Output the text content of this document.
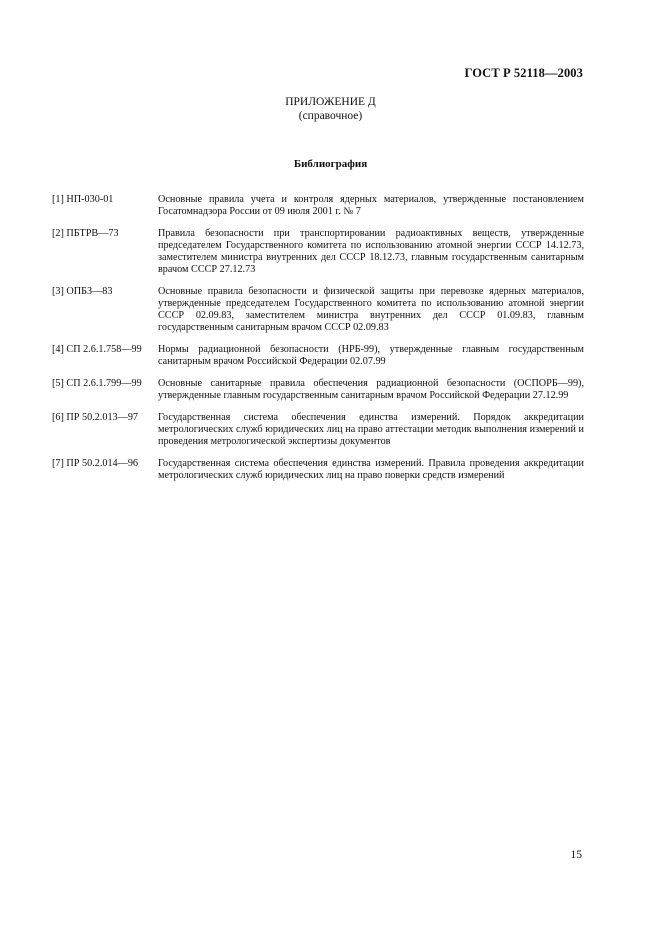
ГОСТ Р 52118—2003
ПРИЛОЖЕНИЕ Д
(справочное)
Библиография
[1] НП-030-01	Основные правила учета и контроля ядерных материалов, утвержденные постановлением Госатомнадзора России от 09 июля 2001 г. № 7
[2] ПБТРВ—73	Правила безопасности при транспортировании радиоактивных веществ, утвержденные председателем Государственного комитета по использованию атомной энергии СССР 14.12.73, заместителем министра внутренних дел СССР 18.12.73, главным государственным санитарным врачом СССР 27.12.73
[3] ОПБЗ—83	Основные правила безопасности и физической защиты при перевозке ядерных материалов, утвержденные председателем Государственного комитета по использованию атомной энергии СССР 02.09.83, заместителем министра внутренних дел СССР 01.09.83, главным государственным санитарным врачом СССР 02.09.83
[4] СП 2.6.1.758—99	Нормы радиационной безопасности (НРБ-99), утвержденные главным государственным санитарным врачом Российской Федерации 02.07.99
[5] СП 2.6.1.799—99	Основные санитарные правила обеспечения радиационной безопасности (ОСПОРБ—99), утвержденные главным государственным санитарным врачом Российской Федерации 27.12.99
[6] ПР 50.2.013—97	Государственная система обеспечения единства измерений. Порядок аккредитации метрологических служб юридических лиц на право аттестации методик выполнения измерений и проведения метрологической экспертизы документов
[7] ПР 50.2.014—96	Государственная система обеспечения единства измерений. Правила проведения аккредитации метрологических служб юридических лиц на право поверки средств измерений
15
